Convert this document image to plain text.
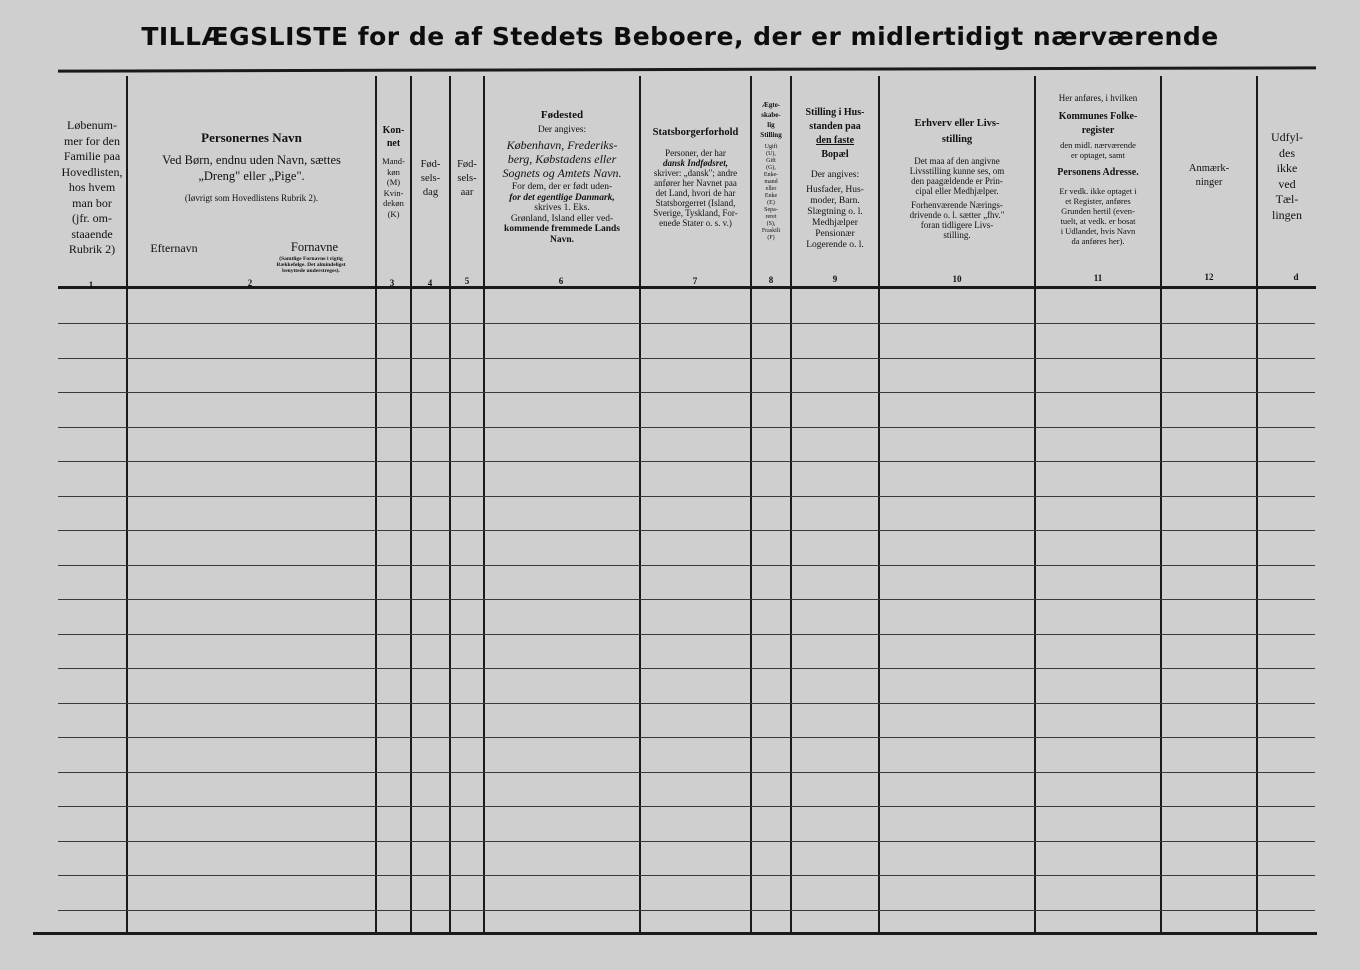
TILLÆGSLISTE for de af Stedets Beboere, der er midlertidigt nærværende
Løbenum-
mer for den
Familie paa
Hovedlisten,
hos hvem
man bor
(jfr. om-
staaende
Rubrik 2)
Personernes Navn
Ved Børn, endnu uden Navn, sættes
„Dreng" eller „Pige".
(Iøvrigt som Hovedlistens Rubrik 2).
Efternavn	Fornavne
(Samtlige Fornavne i rigtig
Rækkefølge. Det almindeligst
benyttede understreges).
Kon-
net
Mand-
køn
(M)
Kvin-
dekøn
(K)
Fød-
sels-
dag
Fød-
sels-
aar
Fødested
Der angives:
København, Frederiks-
berg, Købstadens eller
Sognets og Amtets Navn.
For dem, der er født uden-
for det egentlige Danmark,
skrives 1. Eks.
Grønland, Island eller ved-
kommende fremmede Lands
Navn.
Statsborgerforhold
Personer, der har
dansk Indfødsret,
skriver: „dansk"; andre
anfører her Navnet paa
det Land, hvori de har
Statsborgerret (Island,
Sverige, Tyskland, For-
enede Stater o. s. v.)
Ægte-
skabe-
lig
Stilling
Ugift
(U),
Gift
(G),
Enke-
mand
eller
Enke
(E)
Sepa-
reret
(S),
Fraskilt
(F)
Stilling i Hus-
standen paa
den faste
Bopæl
Der angives:
Husfader, Hus-
moder, Barn.
Slægtning o. l.
Medhjælper
Pensionær
Logerende o. l.
Erhverv eller Livs-
stilling
Det maa af den angivne
Livsstilling kunne ses, om
den paagældende er Prin-
cipal eller Medhjælper.
Forhenværende Nærings-
drivende o. l. sætter „fhv."
foran tidligere Livs-
stilling.
Her anføres, i hvilken
Kommunes Folke-
register
den midl. nærværende
er optaget, samt
Personens Adresse.
Er vedk. ikke optaget i
et Register, anføres
Grunden hertil (even-
tuelt, at vedk. er bosat
i Udlandet, hvis Navn
da anføres her).
Anmærk-
ninger
Udfyl-
des
ikke
ved
Tæl-
lingen
1	2	3	4	5	6	7	8	9	10	11	12	d
